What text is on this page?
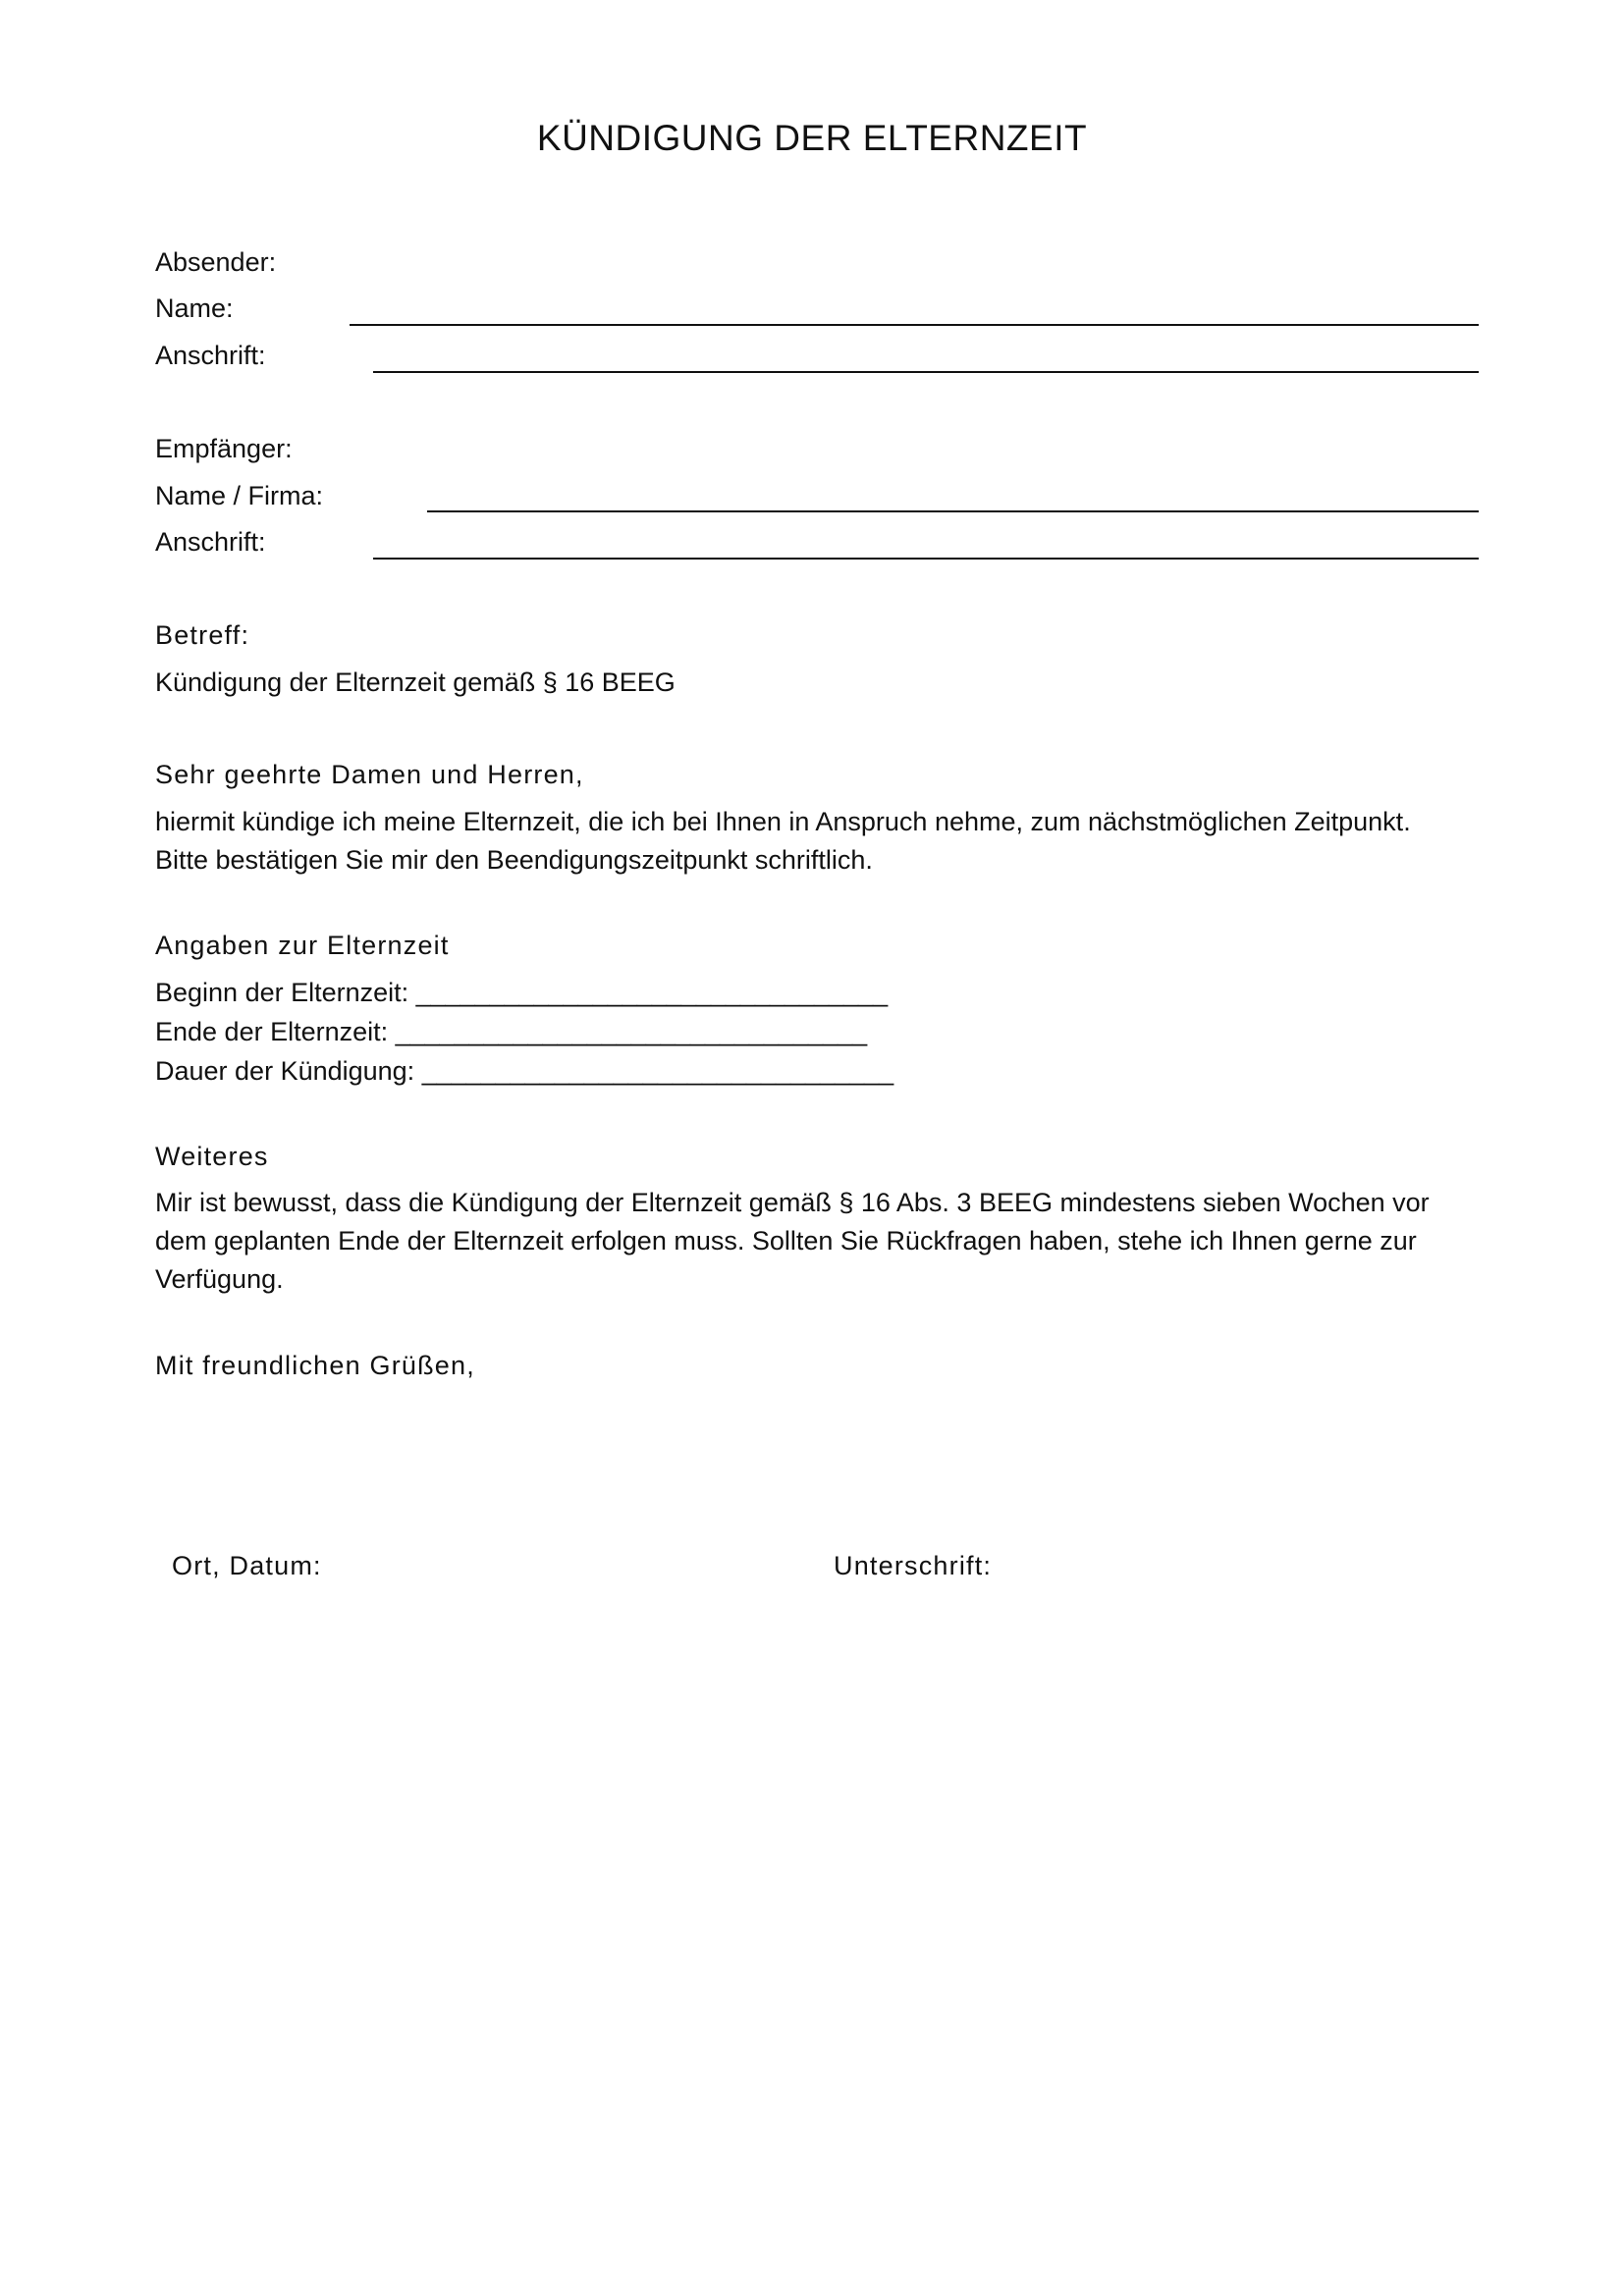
KÜNDIGUNG DER ELTERNZEIT
Absender:
Name:
Anschrift:
Empfänger:
Name / Firma:
Anschrift:
Betreff:
Kündigung der Elternzeit gemäß § 16 BEEG
Sehr geehrte Damen und Herren,
hiermit kündige ich meine Elternzeit, die ich bei Ihnen in Anspruch nehme, zum nächstmöglichen Zeitpunkt.
Bitte bestätigen Sie mir den Beendigungszeitpunkt schriftlich.
Angaben zur Elternzeit
Beginn der Elternzeit: ________________________________
Ende der Elternzeit: ________________________________
Dauer der Kündigung: ________________________________
Weiteres

Mir ist bewusst, dass die Kündigung der Elternzeit gemäß § 16 Abs. 3 BEEG mindestens sieben Wochen vor dem geplanten Ende der Elternzeit erfolgen muss. Sollten Sie Rückfragen haben, stehe ich Ihnen gerne zur Verfügung.

Mit freundlichen Grüßen,
Ort, Datum:	Unterschrift:
